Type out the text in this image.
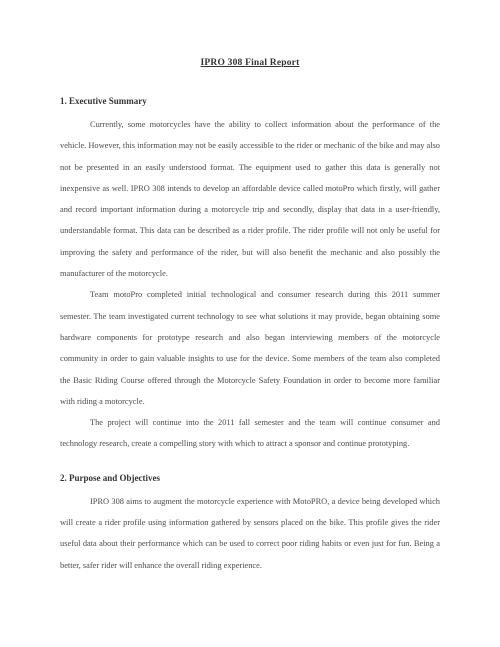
IPRO 308 Final Report
1. Executive Summary

Currently, some motorcycles have the ability to collect information about the performance of the vehicle. However, this information may not be easily accessible to the rider or mechanic of the bike and may also not be presented in an easily understood format. The equipment used to gather this data is generally not inexpensive as well. IPRO 308 intends to develop an affordable device called motoPro which firstly, will gather and record important information during a motorcycle trip and secondly, display that data in a user-friendly, understandable format. This data can be described as a rider profile. The rider profile will not only be useful for improving the safety and performance of the rider, but will also benefit the mechanic and also possibly the manufacturer of the motorcycle.

Team motoPro completed initial technological and consumer research during this 2011 summer semester. The team investigated current technology to see what solutions it may provide, began obtaining some hardware components for prototype research and also began interviewing members of the motorcycle community in order to gain valuable insights to use for the device. Some members of the team also completed the Basic Riding Course offered through the Motorcycle Safety Foundation in order to become more familiar with riding a motorcycle.

The project will continue into the 2011 fall semester and the team will continue consumer and technology research, create a compelling story with which to attract a sponsor and continue prototyping.

2. Purpose and Objectives

IPRO 308 aims to augment the motorcycle experience with MotoPRO, a device being developed which will create a rider profile using information gathered by sensors placed on the bike. This profile gives the rider useful data about their performance which can be used to correct poor riding habits or even just for fun. Being a better, safer rider will enhance the overall riding experience.
